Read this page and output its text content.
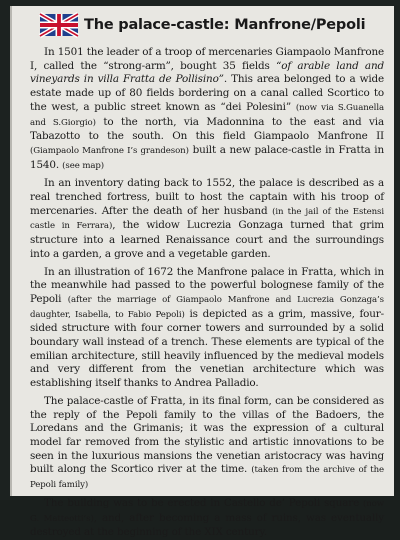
The palace-castle: Manfrone/Pepoli

In 1501 the leader of a troop of mercenaries Giampaolo Manfrone I, called the “strong-arm”, bought 35 fields “of arable land and vineyards in villa Fratta de Pollisino”. This area belonged to a wide estate made up of 80 fields bordering on a canal called Scortico to the west, a public street known as “dei Polesini” (now via S.Guanella and S.Giorgio) to the north, via Madonnina to the east and via Tabazotto to the south. On this field Giampaolo Manfrone II (Giampaolo Manfrone I’s grandeson) built a new palace-castle in Fratta in 1540. (see map)

In an inventory dating back to 1552, the palace is described as a real trenched fortress, built to host the captain with his troop of mercenaries. After the death of her husband (in the jail of the Estensi castle in Ferrara), the widow Lucrezia Gonzaga turned that grim structure into a learned Renaissance court and the surroundings into a garden, a grove and a vegetable garden.

In an illustration of 1672 the Manfrone palace in Fratta, which in the meanwhile had passed to the powerful bolognese family of the Pepoli (after the marriage of Giampaolo Manfrone and Lucrezia Gonzaga’s daughter, Isabella, to Fabio Pepoli) is depicted as a grim, massive, four-sided structure with four corner towers and surrounded by a solid boundary wall instead of a trench. These elements are typical of the emilian architecture, still heavily influenced by the medieval models and very different from the venetian architecture which was establishing itself thanks to Andrea Palladio.

The palace-castle of Fratta, in its final form, can be considered as the reply of the Pepoli family to the villas of the Badoers, the Loredans and the Grimanis; it was the expression of a cultural model far removed from the stylistic and artistic innovations to be seen in the luxurious mansions the venetian aristocracy was having built along the Scortico river at the time. (taken from the archive of the Pepoli family)

The building was to be erected in Castello de’ Pepoli square (now G. Matteotti’s), and, after becoming a mass of ruins, was eventually destroyed at the beginning of the XIX century.
